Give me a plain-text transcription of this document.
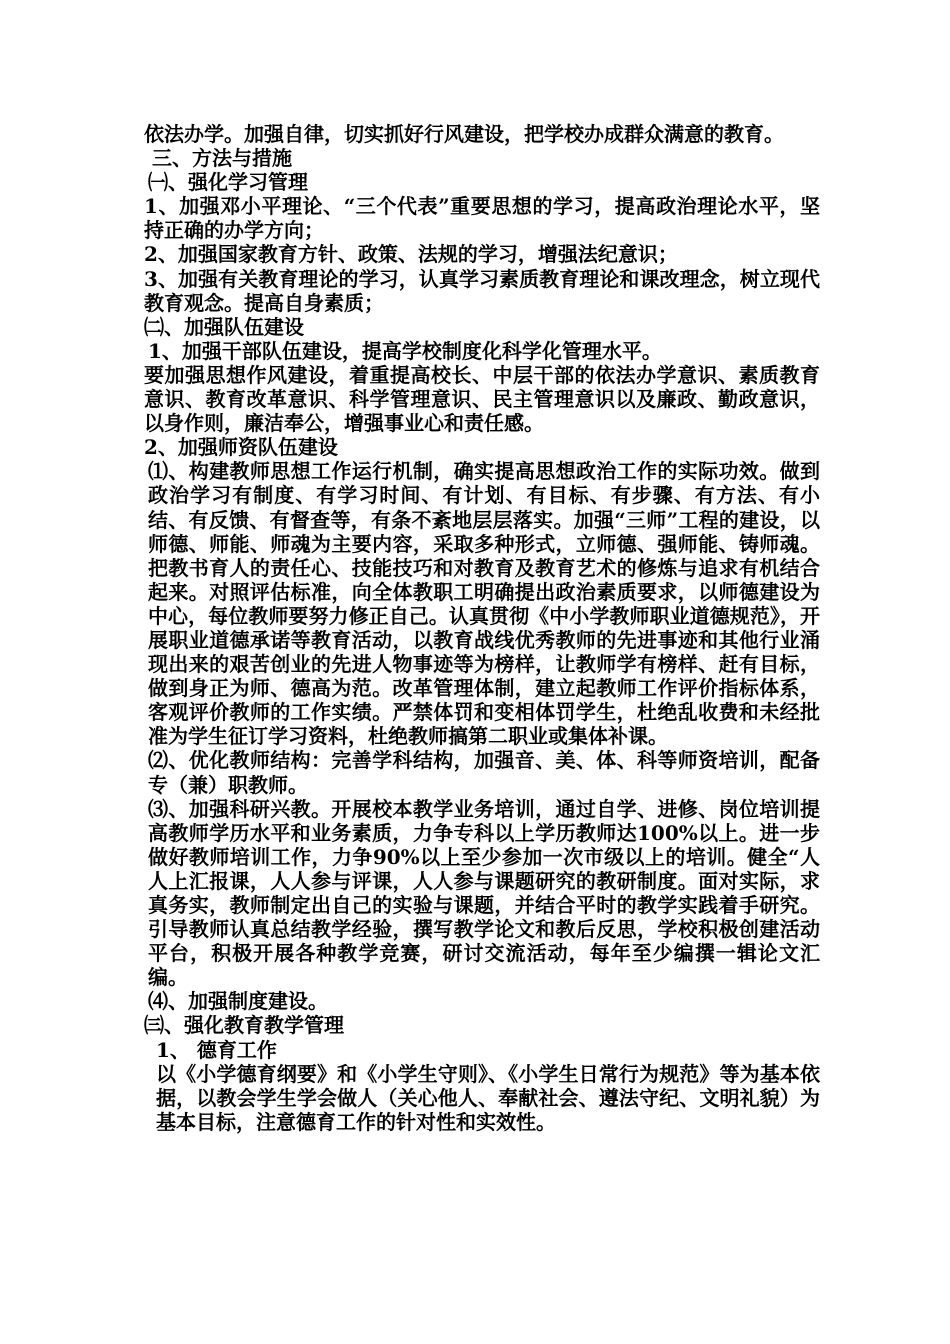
依法办学。加强自律，切实抓好行风建设，把学校办成群众满意的教育。

三、方法与措施

㈠、强化学习管理

1、加强邓小平理论、“三个代表”重要思想的学习，提高政治理论水平，坚持正确的办学方向；

2、加强国家教育方针、政策、法规的学习，增强法纪意识；

3、加强有关教育理论的学习，认真学习素质教育理论和课改理念，树立现代教育观念。提高自身素质；

㈡、加强队伍建设

1、加强干部队伍建设，提高学校制度化科学化管理水平。

要加强思想作风建设，着重提高校长、中层干部的依法办学意识、素质教育意识、教育改革意识、科学管理意识、民主管理意识以及廉政、勤政意识，以身作则，廉洁奉公，增强事业心和责任感。

2、加强师资队伍建设

⑴、构建教师思想工作运行机制，确实提高思想政治工作的实际功效。做到政治学习有制度、有学习时间、有计划、有目标、有步骤、有方法、有小结、有反馈、有督查等，有条不紊地层层落实。加强“三师”工程的建设，以师德、师能、师魂为主要内容，采取多种形式，立师德、强师能、铸师魂。把教书育人的责任心、技能技巧和对教育及教育艺术的修炼与追求有机结合起来。对照评估标准，向全体教职工明确提出政治素质要求，以师德建设为中心，每位教师要努力修正自己。认真贯彻《中小学教师职业道德规范》，开展职业道德承诺等教育活动，以教育战线优秀教师的先进事迹和其他行业涌现出来的艰苦创业的先进人物事迹等为榜样，让教师学有榜样、赶有目标，做到身正为师、德高为范。改革管理体制，建立起教师工作评价指标体系，客观评价教师的工作实绩。严禁体罚和变相体罚学生，杜绝乱收费和未经批准为学生征订学习资料，杜绝教师搞第二职业或集体补课。

⑵、优化教师结构：完善学科结构，加强音、美、体、科等师资培训，配备专（兼）职教师。

⑶、加强科研兴教。开展校本教学业务培训，通过自学、进修、岗位培训提高教师学历水平和业务素质，力争专科以上学历教师达100%以上。进一步做好教师培训工作，力争90%以上至少参加一次市级以上的培训。健全“人人上汇报课，人人参与评课，人人参与课题研究的教研制度。面对实际，求真务实，教师制定出自己的实验与课题，并结合平时的教学实践着手研究。引导教师认真总结教学经验，撰写教学论文和教后反思，学校积极创建活动平台，积极开展各种教学竞赛，研讨交流活动，每年至少编撰一辑论文汇编。

⑷、加强制度建设。

㈢、强化教育教学管理

1、 德育工作

以《小学德育纲要》和《小学生守则》、《小学生日常行为规范》等为基本依据，以教会学生学会做人（关心他人、奉献社会、遵法守纪、文明礼貌）为基本目标，注意德育工作的针对性和实效性。
